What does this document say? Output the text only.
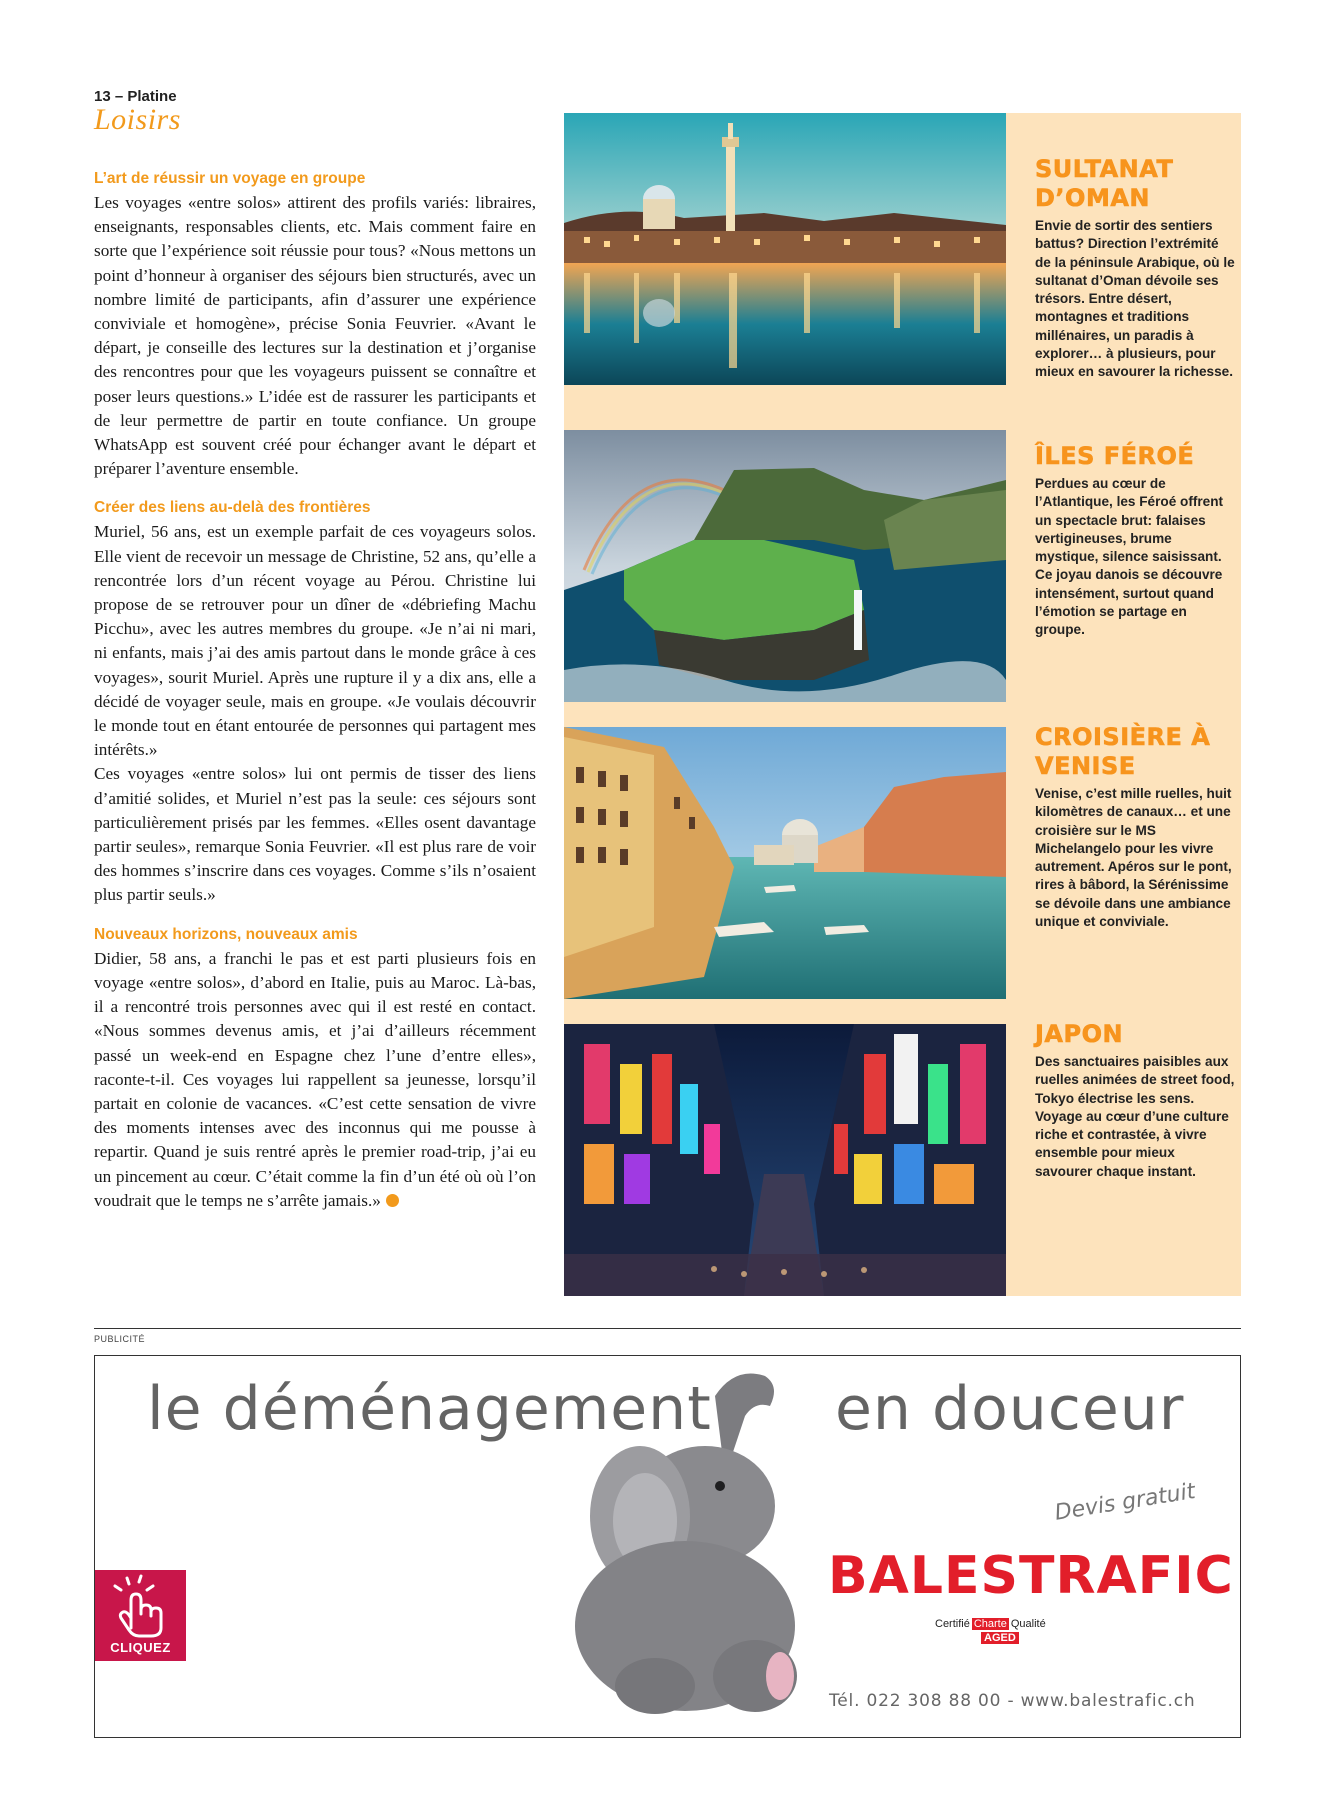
13 – Platine
Loisirs
L’art de réussir un voyage en groupe

Les voyages «entre solos» attirent des profils variés: libraires, enseignants, responsables clients, etc. Mais comment faire en sorte que l’expérience soit réussie pour tous? «Nous mettons un point d’honneur à organiser des séjours bien structurés, avec un nombre limité de participants, afin d’assurer une expérience conviviale et homogène», précise Sonia Feuvrier. «Avant le départ, je conseille des lectures sur la destination et j’organise des rencontres pour que les voyageurs puissent se connaître et poser leurs questions.» L’idée est de rassurer les participants et de leur permettre de partir en toute confiance. Un groupe WhatsApp est souvent créé pour échanger avant le départ et préparer l’aventure ensemble.

Créer des liens au-delà des frontières

Muriel, 56 ans, est un exemple parfait de ces voyageurs solos. Elle vient de recevoir un message de Christine, 52 ans, qu’elle a rencontrée lors d’un récent voyage au Pérou. Christine lui propose de se retrouver pour un dîner de «débriefing Machu Picchu», avec les autres membres du groupe. «Je n’ai ni mari, ni enfants, mais j’ai des amis partout dans le monde grâce à ces voyages», sourit Muriel. Après une rupture il y a dix ans, elle a décidé de voyager seule, mais en groupe. «Je voulais découvrir le monde tout en étant entourée de personnes qui partagent mes intérêts.»

Ces voyages «entre solos» lui ont permis de tisser des liens d’amitié solides, et Muriel n’est pas la seule: ces séjours sont particulièrement prisés par les femmes. «Elles osent davantage partir seules», remarque Sonia Feuvrier. «Il est plus rare de voir des hommes s’inscrire dans ces voyages. Comme s’ils n’osaient plus partir seuls.»

Nouveaux horizons, nouveaux amis

Didier, 58 ans, a franchi le pas et est parti plusieurs fois en voyage «entre solos», d’abord en Italie, puis au Maroc. Là-bas, il a rencontré trois personnes avec qui il est resté en contact. «Nous sommes devenus amis, et j’ai d’ailleurs récemment passé un week-end en Espagne chez l’une d’entre elles», raconte-t-il. Ces voyages lui rappellent sa jeunesse, lorsqu’il partait en colonie de vacances. «C’est cette sensation de vivre des moments intenses avec des inconnus qui me pousse à repartir. Quand je suis rentré après le premier road-trip, j’ai eu un pincement au cœur. C’était comme la fin d’un été où où l’on voudrait que le temps ne s’arrête jamais.»

SULTANAT D’OMAN
Envie de sortir des sentiers battus? Direction l’extrémité de la péninsule Arabique, où le sultanat d’Oman dévoile ses trésors. Entre désert, montagnes et traditions millénaires, un paradis à explorer… à plusieurs, pour mieux en savourer la richesse.
ÎLES FÉROÉ
Perdues au cœur de l’Atlantique, les Féroé offrent un spectacle brut: falaises vertigineuses, brume mystique, silence saisissant. Ce joyau danois se découvre intensément, surtout quand l’émotion se partage en groupe.
CROISIÈRE À VENISE
Venise, c’est mille ruelles, huit kilomètres de canaux… et une croisière sur le MS Michelangelo pour les vivre autrement. Apéros sur le pont, rires à bâbord, la Sérénissime se dévoile dans une ambiance unique et conviviale.
JAPON
Des sanctuaires paisibles aux ruelles animées de street food, Tokyo électrise les sens. Voyage au cœur d’une culture riche et contrastée, à vivre ensemble pour mieux savourer chaque instant.
PUBLICITÉ
le déménagement en douceur
Devis gratuit
BALESTRAFIC
Certifié Charte Qualité
AGED
Tél. 022 308 88 00 - www.balestrafic.ch
CLIQUEZ
